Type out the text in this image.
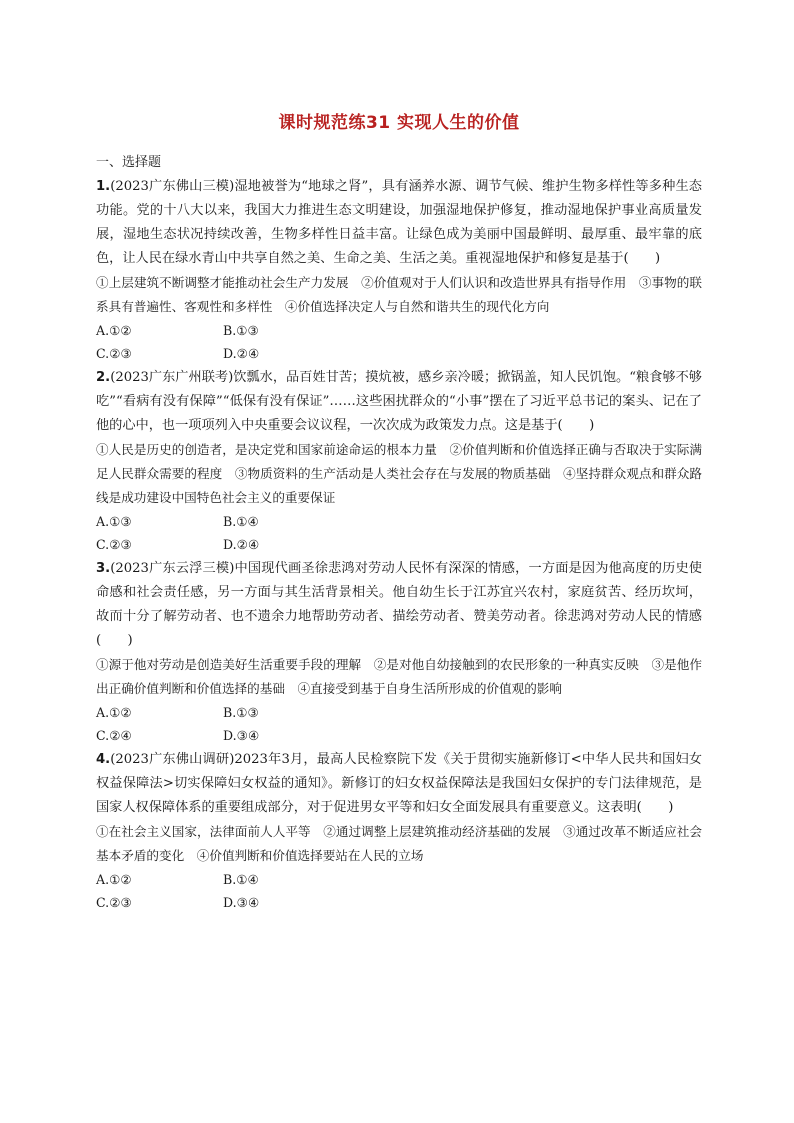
课时规范练31 实现人生的价值

一、选择题

1.(2023广东佛山三模)湿地被誉为“地球之肾”，具有涵养水源、调节气候、维护生物多样性等多种生态功能。党的十八大以来，我国大力推进生态文明建设，加强湿地保护修复，推动湿地保护事业高质量发展，湿地生态状况持续改善，生物多样性日益丰富。让绿色成为美丽中国最鲜明、最厚重、最牢靠的底色，让人民在绿水青山中共享自然之美、生命之美、生活之美。重视湿地保护和修复是基于(　　)

①上层建筑不断调整才能推动社会生产力发展　②价值观对于人们认识和改造世界具有指导作用　③事物的联系具有普遍性、客观性和多样性　④价值选择决定人与自然和谐共生的现代化方向

A.①②	B.①③
C.②③	D.②④

2.(2023广东广州联考)饮瓢水，品百姓甘苦；摸炕被，感乡亲冷暖；掀锅盖，知人民饥饱。“粮食够不够吃”“看病有没有保障”“低保有没有保证”……这些困扰群众的“小事”摆在了习近平总书记的案头、记在了他的心中，也一项项列入中央重要会议议程，一次次成为政策发力点。这是基于(　　)

①人民是历史的创造者，是决定党和国家前途命运的根本力量　②价值判断和价值选择正确与否取决于实际满足人民群众需要的程度　③物质资料的生产活动是人类社会存在与发展的物质基础　④坚持群众观点和群众路线是成功建设中国特色社会主义的重要保证

A.①③	B.①④
C.②③	D.②④

3.(2023广东云浮三模)中国现代画圣徐悲鸿对劳动人民怀有深深的情感，一方面是因为他高度的历史使命感和社会责任感，另一方面与其生活背景相关。他自幼生长于江苏宜兴农村，家庭贫苦、经历坎坷，故而十分了解劳动者、也不遗余力地帮助劳动者、描绘劳动者、赞美劳动者。徐悲鸿对劳动人民的情感　　　(　　)

①源于他对劳动是创造美好生活重要手段的理解　②是对他自幼接触到的农民形象的一种真实反映　③是他作出正确价值判断和价值选择的基础　④直接受到基于自身生活所形成的价值观的影响

A.①②	B.①③
C.②④	D.③④

4.(2023广东佛山调研)2023年3月，最高人民检察院下发《关于贯彻实施新修订<中华人民共和国妇女权益保障法>切实保障妇女权益的通知》。新修订的妇女权益保障法是我国妇女保护的专门法律规范，是国家人权保障体系的重要组成部分，对于促进男女平等和妇女全面发展具有重要意义。这表明(　　)

①在社会主义国家，法律面前人人平等　②通过调整上层建筑推动经济基础的发展　③通过改革不断适应社会基本矛盾的变化　④价值判断和价值选择要站在人民的立场

A.①②	B.①④
C.②③	D.③④
